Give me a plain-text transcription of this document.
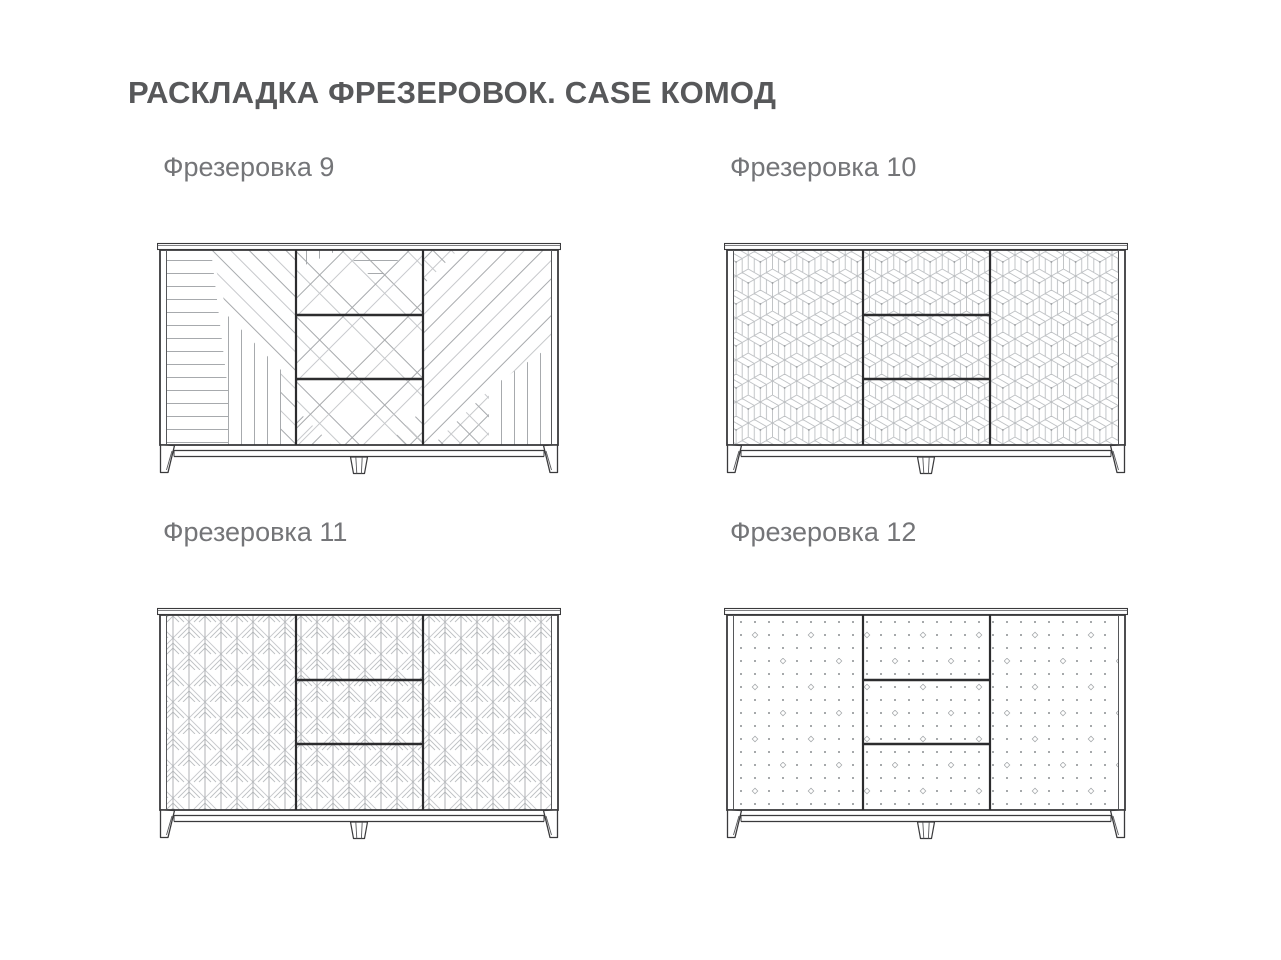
РАСКЛАДКА ФРЕЗЕРОВОК. CASE КОМОД
Фрезеровка 9	Фрезеровка 10
Фрезеровка 11	Фрезеровка 12
